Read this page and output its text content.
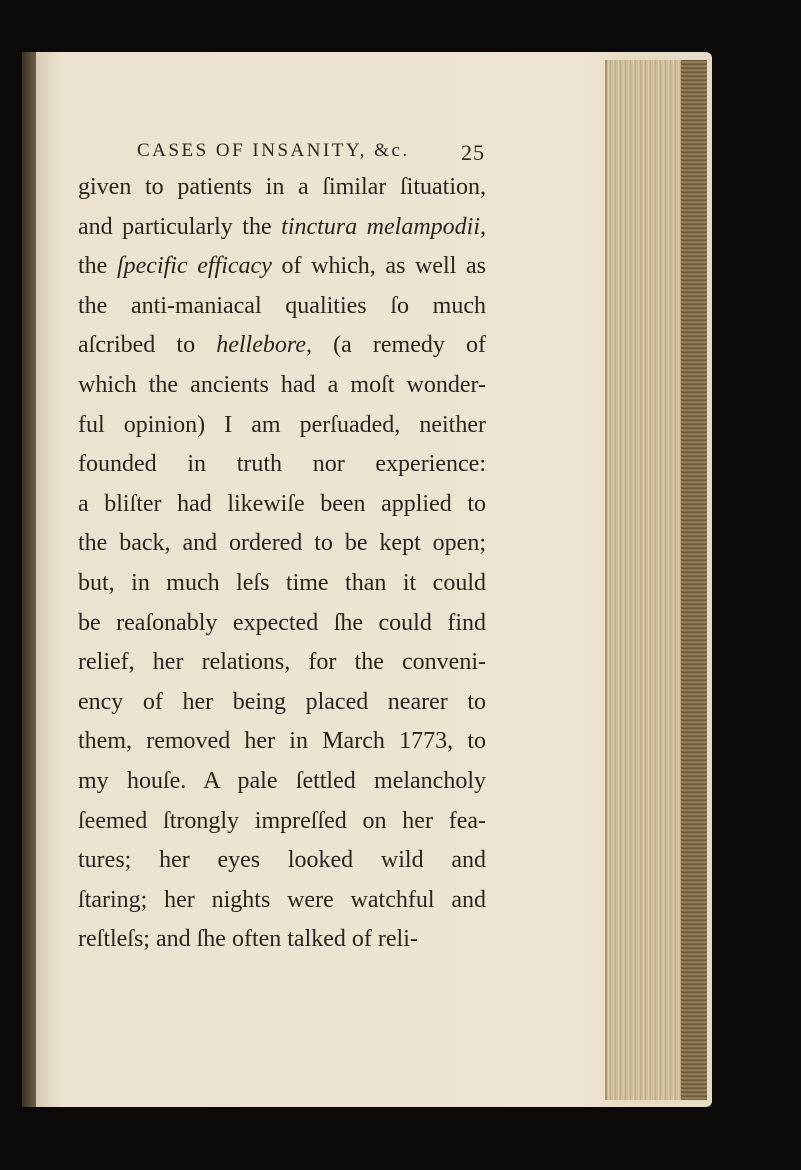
CASES OF INSANITY, &c. 25
given to patients in a ſimilar ſituation,
and particularly the tinctura melampodii,
the ſpecific efficacy of which, as well as
the anti-maniacal qualities ſo much
aſcribed to hellebore, (a remedy of
which the ancients had a moſt wonder-
ful opinion) I am perſuaded, neither
founded in truth nor experience:
a bliſter had likewiſe been applied to
the back, and ordered to be kept open;
but, in much leſs time than it could
be reaſonably expected ſhe could find
relief, her relations, for the conveni-
ency of her being placed nearer to
them, removed her in March 1773, to
my houſe. A pale ſettled melancholy
ſeemed ſtrongly impreſſed on her fea-
tures; her eyes looked wild and
ſtaring; her nights were watchful and
reſtleſs; and ſhe often talked of reli-
